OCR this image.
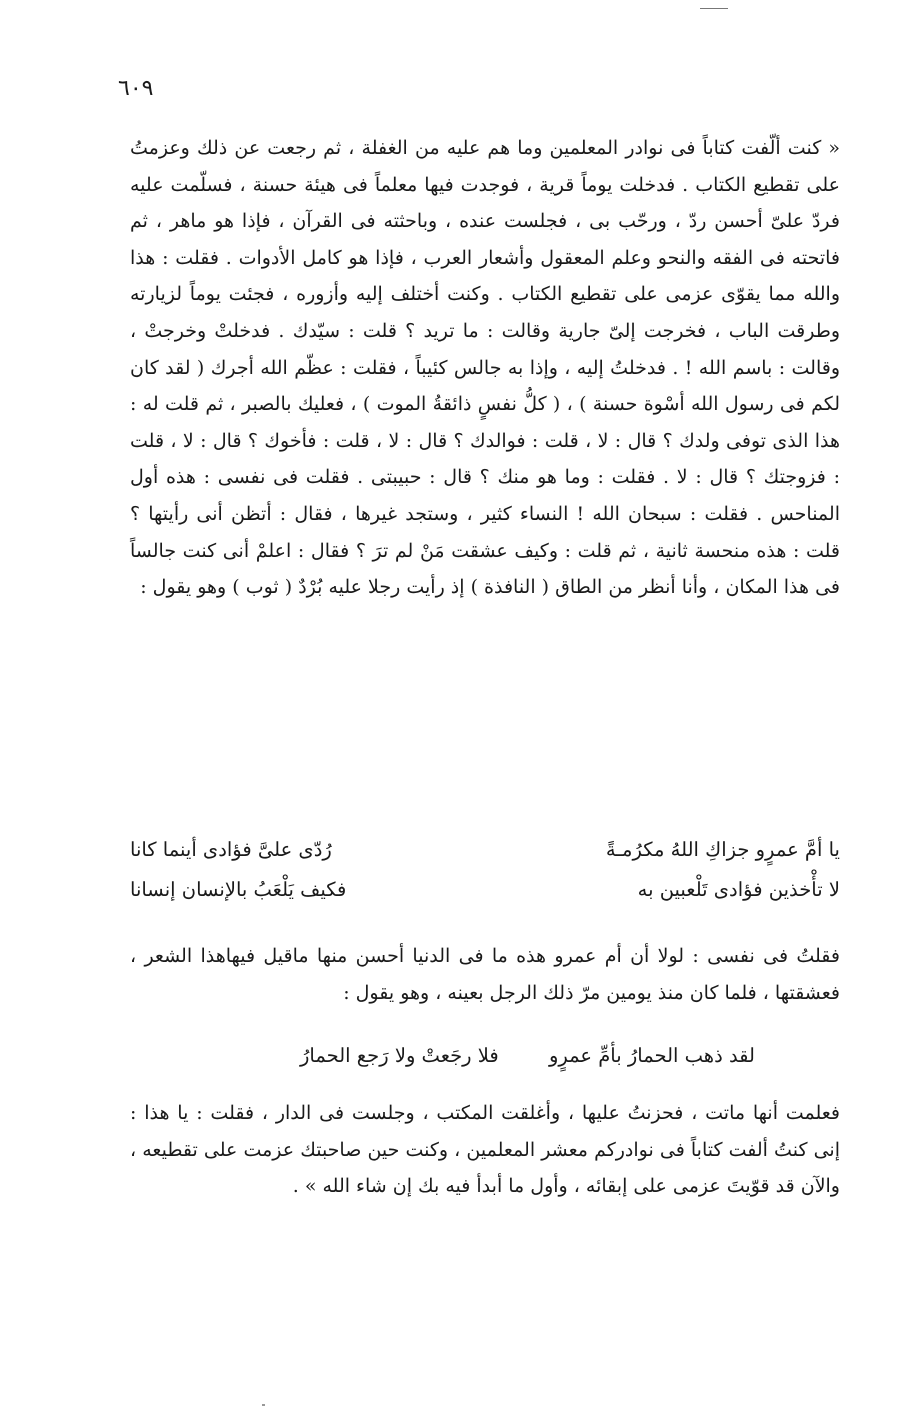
٦٠٩
« كنت ألّفت كتاباً فى نوادر المعلمين وما هم عليه من الغفلة ، ثم رجعت عن ذلك وعزمتُ على تقطيع الكتاب . فدخلت يوماً قرية ، فوجدت فيها معلماً فى هيئة حسنة ، فسلّمت عليه فردّ علىّ أحسن ردّ ، ورحّب بى ، فجلست عنده ، وباحثته فى القرآن ، فإذا هو ماهر ، ثم فاتحته فى الفقه والنحو وعلم المعقول وأشعار العرب ، فإذا هو كامل الأدوات . فقلت : هذا والله مما يقوّى عزمى على تقطيع الكتاب . وكنت أختلف إليه وأزوره ، فجئت يوماً لزيارته وطرقت الباب ، فخرجت إلىّ جارية وقالت : ما تريد ؟ قلت : سيّدك . فدخلتْ وخرجتْ ، وقالت : باسم الله ! . فدخلتُ إليه ، وإذا به جالس كئيباً ، فقلت : عظّم الله أجرك ( لقد كان لكم فى رسول الله أسْوة حسنة ) ، ( كلُّ نفسٍ ذائقةُ الموت ) ، فعليك بالصبر ، ثم قلت له : هذا الذى توفى ولدك ؟ قال : لا ، قلت : فوالدك ؟ قال : لا ، قلت : فأخوك ؟ قال : لا ، قلت : فزوجتك ؟ قال : لا . فقلت : وما هو منك ؟ قال : حبيبتى . فقلت فى نفسى : هذه أول المناحس . فقلت : سبحان الله ! النساء كثير ، وستجد غيرها ، فقال : أتظن أنى رأيتها ؟ قلت : هذه منحسة ثانية ، ثم قلت : وكيف عشقت مَنْ لم ترَ ؟ فقال : اعلمْ أنى كنت جالساً فى هذا المكان ، وأنا أنظر من الطاق ( النافذة ) إذ رأيت رجلا عليه بُرْدٌ ( ثوب ) وهو يقول :
يا أمَّ عمرٍو جزاكِ اللهُ مكرُمـةً
رُدّى علىَّ فؤادى أينما كانا
لا تأْخذين فؤادى تَلْعبين به
فكيف يَلْعَبُ بالإنسان إنسانا
فقلتُ فى نفسى : لولا أن أم عمرو هذه ما فى الدنيا أحسن منها ماقيل فيهاهذا الشعر ، فعشقتها ، فلما كان منذ يومين مرّ ذلك الرجل بعينه ، وهو يقول :
لقد ذهب الحمارُ بأمِّ عمرٍو
فلا رجَعتْ ولا رَجع الحمارُ
فعلمت أنها ماتت ، فحزنتُ عليها ، وأغلقت المكتب ، وجلست فى الدار ، فقلت : يا هذا : إنى كنتُ ألفت كتاباً فى نوادركم معشر المعلمين ، وكنت حين صاحبتك عزمت على تقطيعه ، والآن قد قوّيتَ عزمى على إبقائه ، وأول ما أبدأ فيه بك إن شاء الله » .
